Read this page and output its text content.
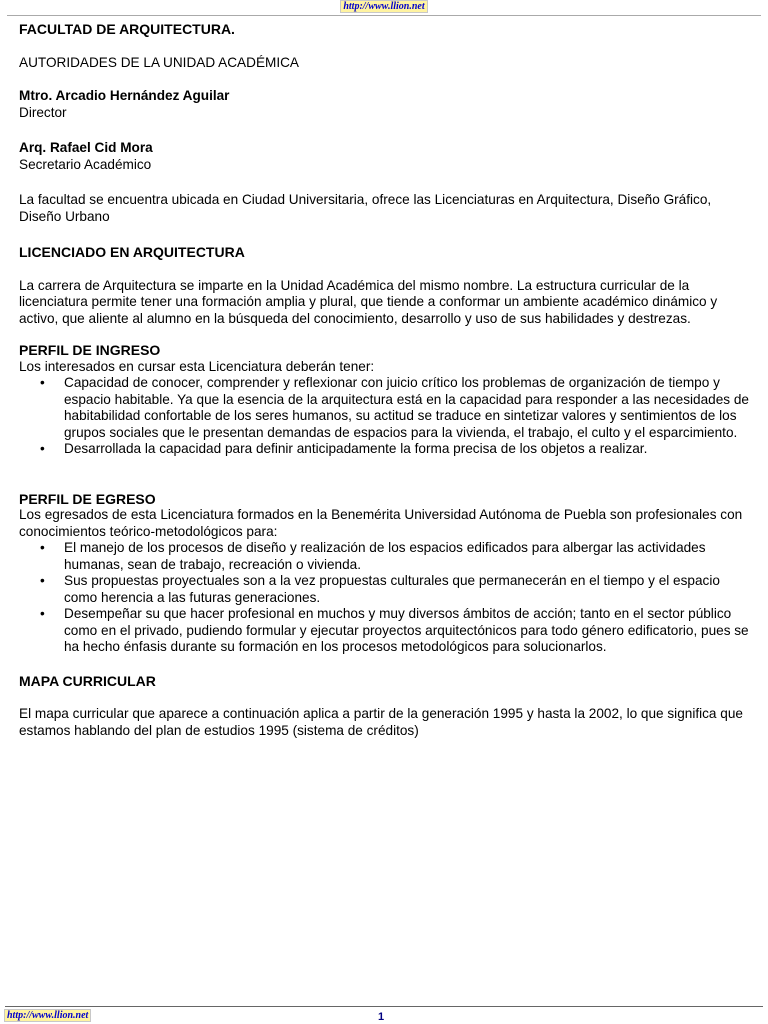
http://www.llion.net

FACULTAD DE ARQUITECTURA.

AUTORIDADES DE LA UNIDAD ACADÉMICA

Mtro. Arcadio Hernández Aguilar

Director

Arq. Rafael Cid Mora

Secretario Académico

La facultad se encuentra ubicada en Ciudad Universitaria, ofrece las Licenciaturas en Arquitectura, Diseño Gráfico, Diseño Urbano

LICENCIADO EN ARQUITECTURA

La carrera de Arquitectura se imparte en la Unidad Académica del mismo nombre. La estructura curricular de la licenciatura permite tener una formación amplia y plural, que tiende a conformar un ambiente académico dinámico y activo, que aliente al alumno en la búsqueda del conocimiento, desarrollo y uso de sus habilidades y destrezas.

PERFIL DE INGRESO

Los interesados en cursar esta Licenciatura deberán tener:

• Capacidad de conocer, comprender y reflexionar con juicio crítico los problemas de organización de tiempo y espacio habitable. Ya que la esencia de la arquitectura está en la capacidad para responder a las necesidades de habitabilidad confortable de los seres humanos, su actitud se traduce en sintetizar valores y sentimientos de los grupos sociales que le presentan demandas de espacios para la vivienda, el trabajo, el culto y el esparcimiento.
• Desarrollada la capacidad para definir anticipadamente la forma precisa de los objetos a realizar.

PERFIL DE EGRESO

Los egresados de esta Licenciatura formados en la Benemérita Universidad Autónoma de Puebla son profesionales con conocimientos teórico-metodológicos para:

• El manejo de los procesos de diseño y realización de los espacios edificados para albergar las actividades humanas, sean de trabajo, recreación o vivienda.
• Sus propuestas proyectuales son a la vez propuestas culturales que permanecerán en el tiempo y el espacio como herencia a las futuras generaciones.
• Desempeñar su que hacer profesional en muchos y muy diversos ámbitos de acción; tanto en el sector público como en el privado, pudiendo formular y ejecutar proyectos arquitectónicos para todo género edificatorio, pues se ha hecho énfasis durante su formación en los procesos metodológicos para solucionarlos.

MAPA CURRICULAR

El mapa curricular que aparece a continuación aplica a partir de la generación 1995 y hasta la 2002, lo que significa que estamos hablando del plan de estudios 1995 (sistema de créditos)

http://www.llion.net	1
